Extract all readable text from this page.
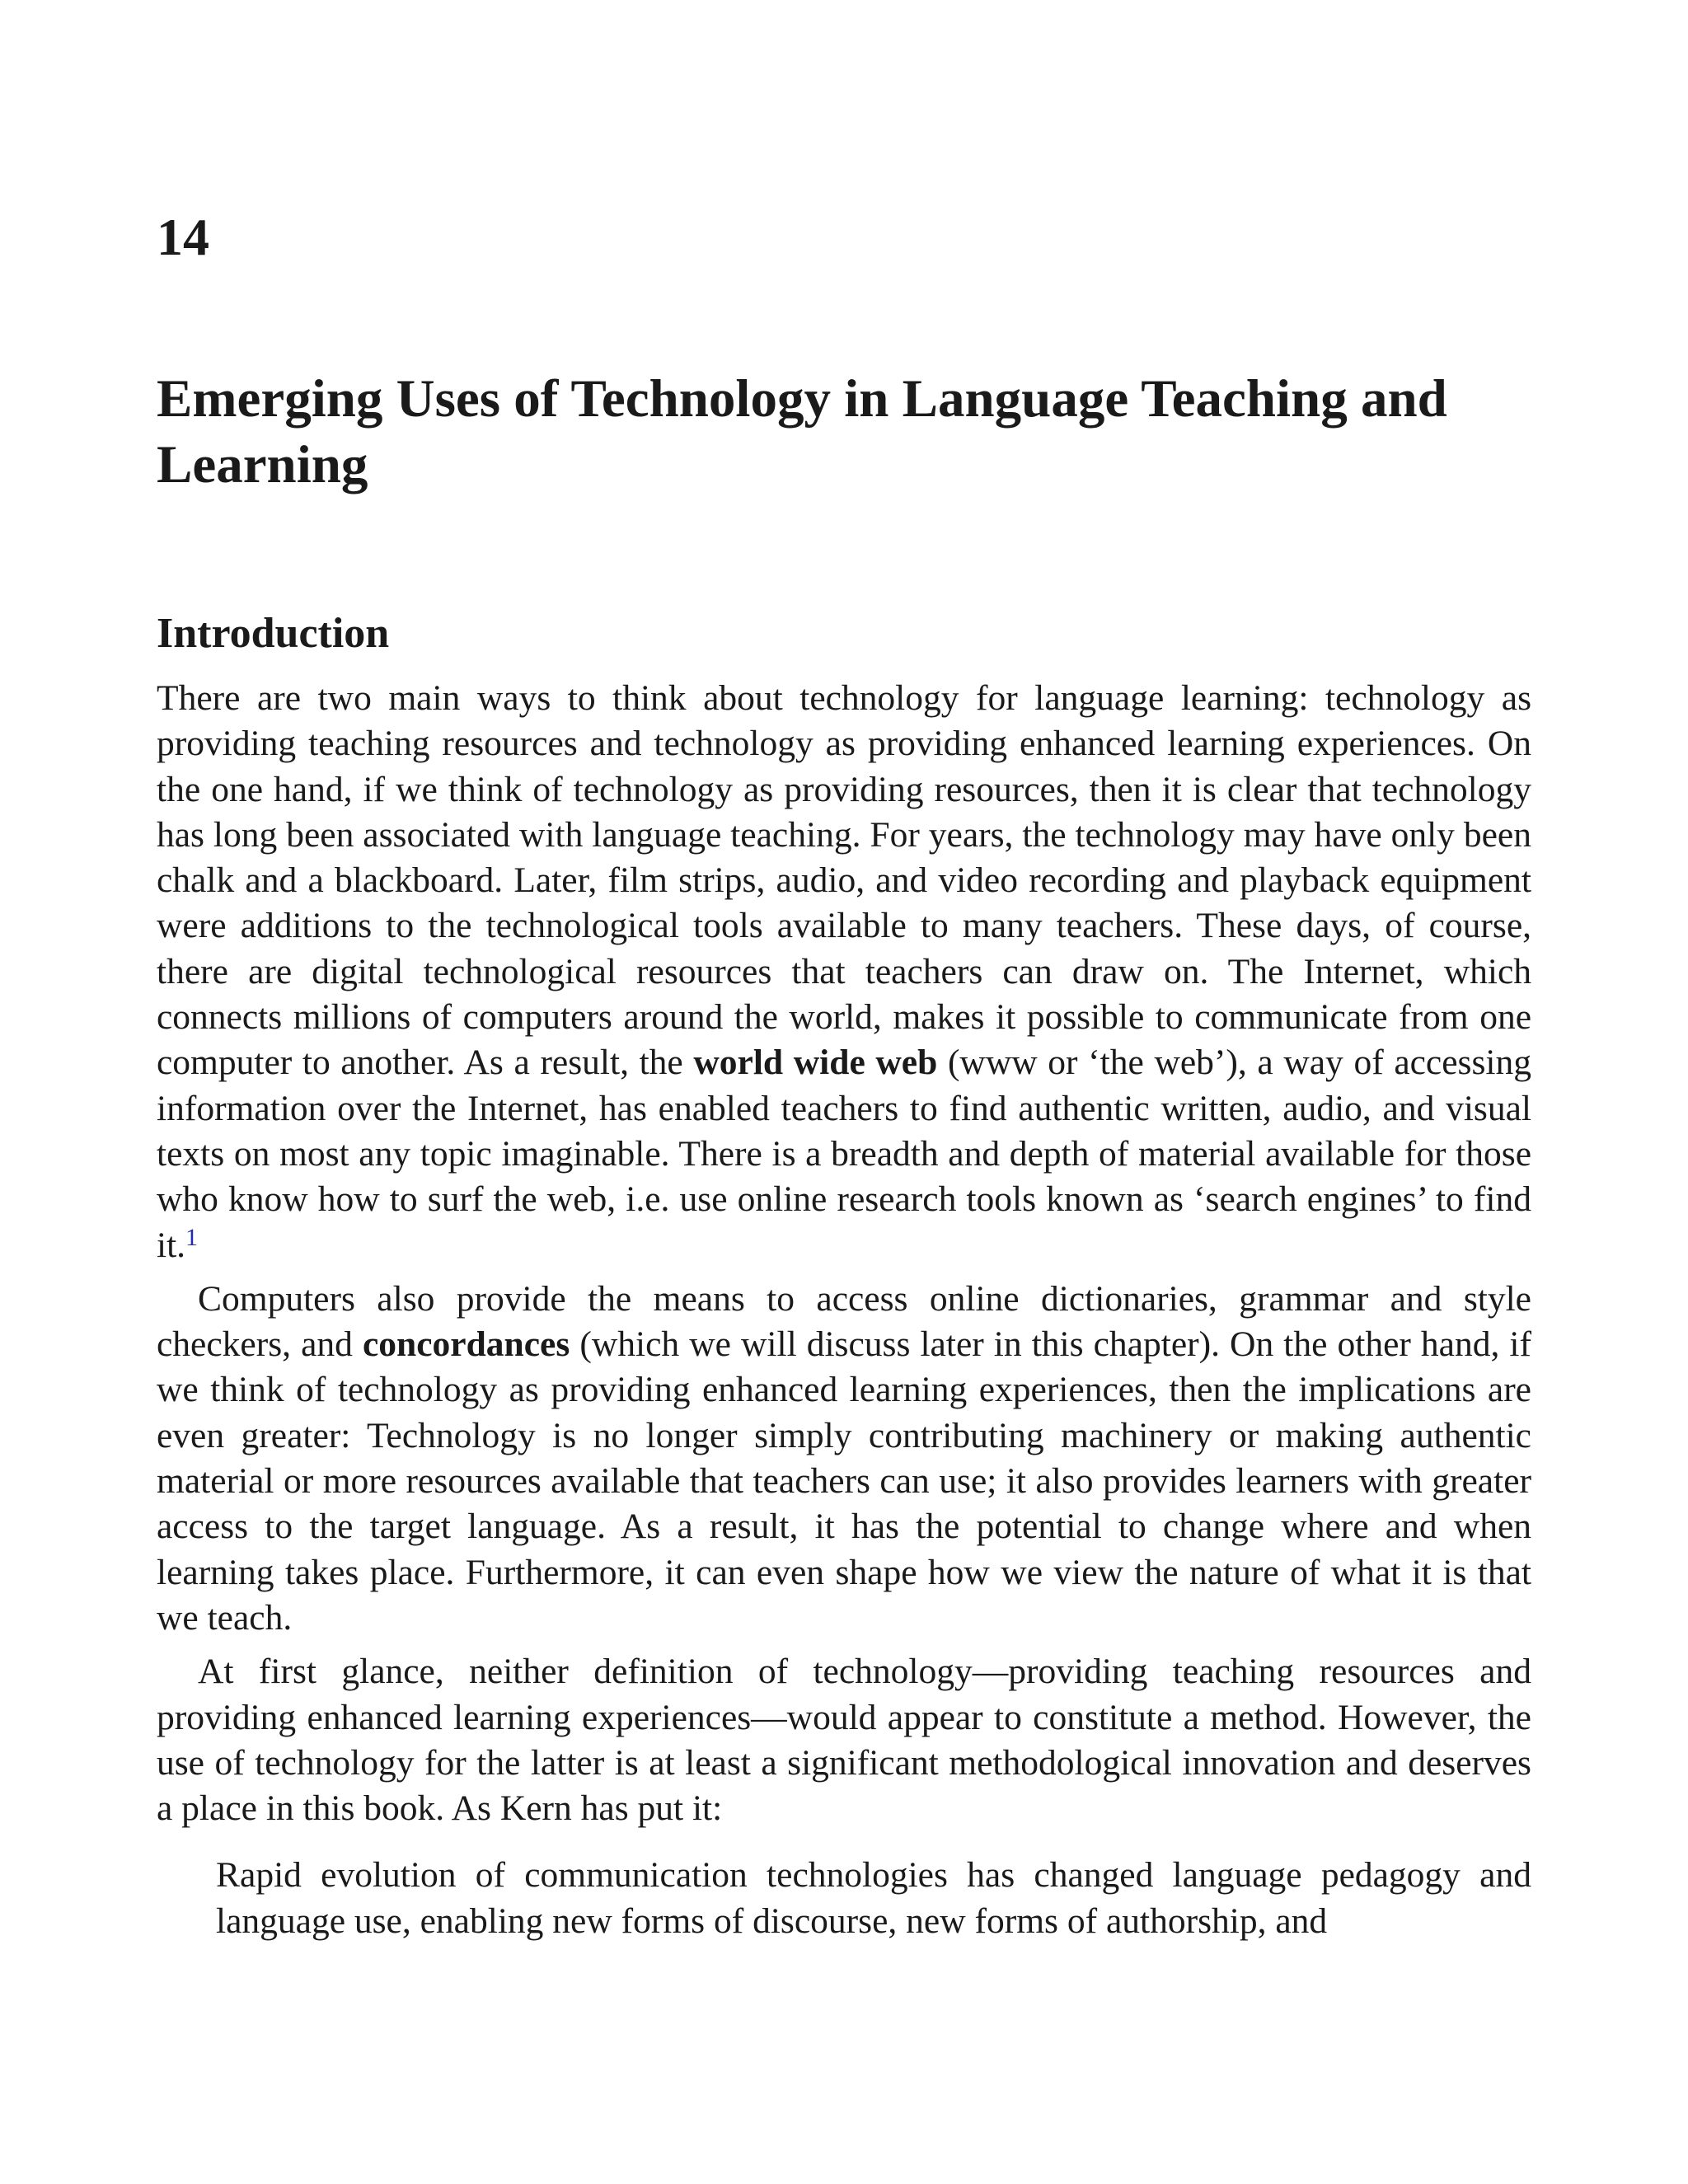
14
Emerging Uses of Technology in Language Teaching and Learning
Introduction

There are two main ways to think about technology for language learning: technology as providing teaching resources and technology as providing enhanced learning experiences. On the one hand, if we think of technology as providing resources, then it is clear that technology has long been associated with language teaching. For years, the technology may have only been chalk and a blackboard. Later, film strips, audio, and video recording and playback equipment were additions to the technological tools available to many teachers. These days, of course, there are digital technological resources that teachers can draw on. The Internet, which connects millions of computers around the world, makes it possible to communicate from one computer to another. As a result, the world wide web (www or ‘the web’), a way of accessing information over the Internet, has enabled teachers to find authentic written, audio, and visual texts on most any topic imaginable. There is a breadth and depth of material available for those who know how to surf the web, i.e. use online research tools known as ‘search engines’ to find it.$^1$

Computers also provide the means to access online dictionaries, grammar and style checkers, and concordances (which we will discuss later in this chapter). On the other hand, if we think of technology as providing enhanced learning experiences, then the implications are even greater: Technology is no longer simply contributing machinery or making authentic material or more resources available that teachers can use; it also provides learners with greater access to the target language. As a result, it has the potential to change where and when learning takes place. Furthermore, it can even shape how we view the nature of what it is that we teach.

At first glance, neither definition of technology—providing teaching resources and providing enhanced learning experiences—would appear to constitute a method. However, the use of technology for the latter is at least a significant methodological innovation and deserves a place in this book. As Kern has put it:

Rapid evolution of communication technologies has changed language pedagogy and language use, enabling new forms of discourse, new forms of authorship, and
